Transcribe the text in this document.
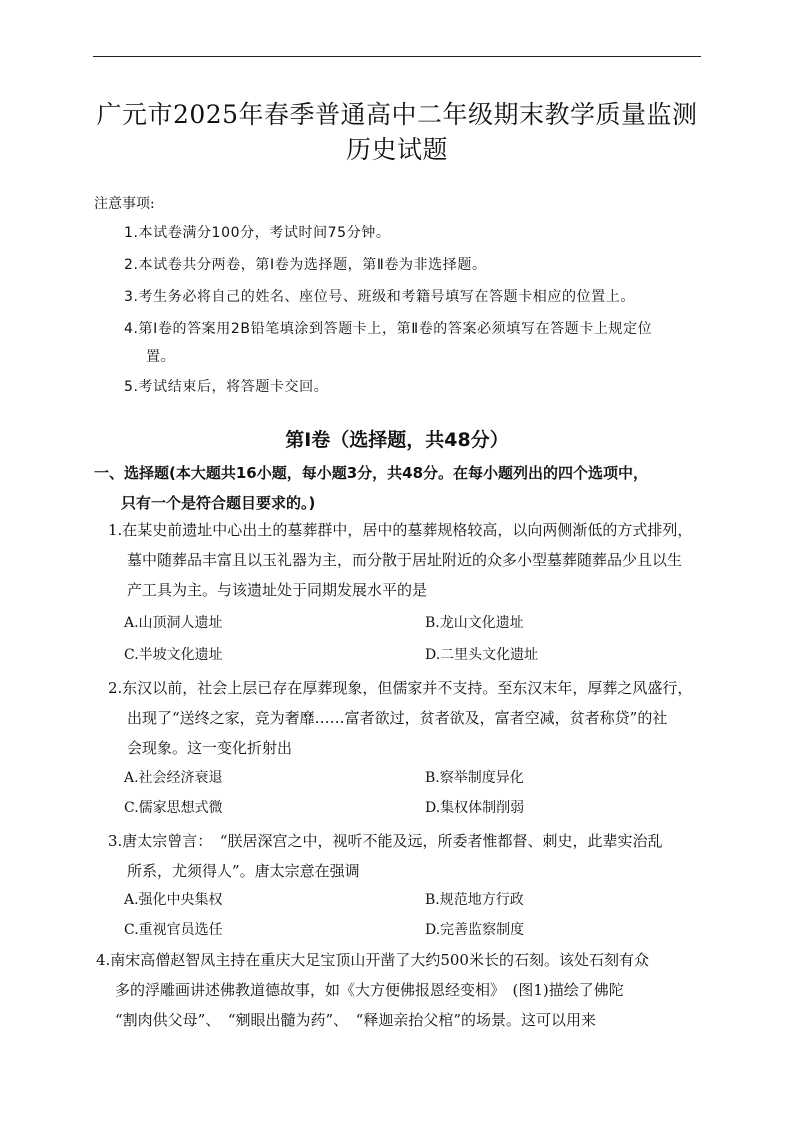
广元市2025年春季普通高中二年级期末教学质量监测
历史试题
注意事项:
1.本试卷满分100分，考试时间75分钟。
2.本试卷共分两卷，第Ⅰ卷为选择题，第Ⅱ卷为非选择题。
3.考生务必将自己的姓名、座位号、班级和考籍号填写在答题卡相应的位置上。
4.第Ⅰ卷的答案用2B铅笔填涂到答题卡上，第Ⅱ卷的答案必须填写在答题卡上规定位
置。
5.考试结束后，将答题卡交回。
第Ⅰ卷（选择题，共48分）
一、选择题(本大题共16小题，每小题3分，共48分。在每小题列出的四个选项中，
只有一个是符合题目要求的。)
1.在某史前遗址中心出土的墓葬群中，居中的墓葬规格较高，以向两侧渐低的方式排列，
墓中随葬品丰富且以玉礼器为主，而分散于居址附近的众多小型墓葬随葬品少且以生
产工具为主。与该遗址处于同期发展水平的是
A.山顶洞人遗址	B.龙山文化遗址
C.半坡文化遗址	D.二里头文化遗址
2.东汉以前，社会上层已存在厚葬现象，但儒家并不支持。至东汉末年，厚葬之风盛行，
出现了“送终之家，竞为奢靡……富者欲过，贫者欲及，富者空减，贫者称贷”的社
会现象。这一变化折射出
A.社会经济衰退	B.察举制度异化
C.儒家思想式微	D.集权体制削弱
3.唐太宗曾言：　“朕居深宫之中，视听不能及远，所委者惟都督、刺史，此辈实治乱
所系，尤须得人”。唐太宗意在强调
A.强化中央集权	B.规范地方行政
C.重视官员选任	D.完善监察制度
4.南宋高僧赵智凤主持在重庆大足宝顶山开凿了大约500米长的石刻。该处石刻有众
多的浮雕画讲述佛教道德故事，如《大方便佛报恩经变相》　(图1)描绘了佛陀
“割肉供父母”、　“剜眼出髓为药”、　“释迦亲抬父棺”的场景。这可以用来
